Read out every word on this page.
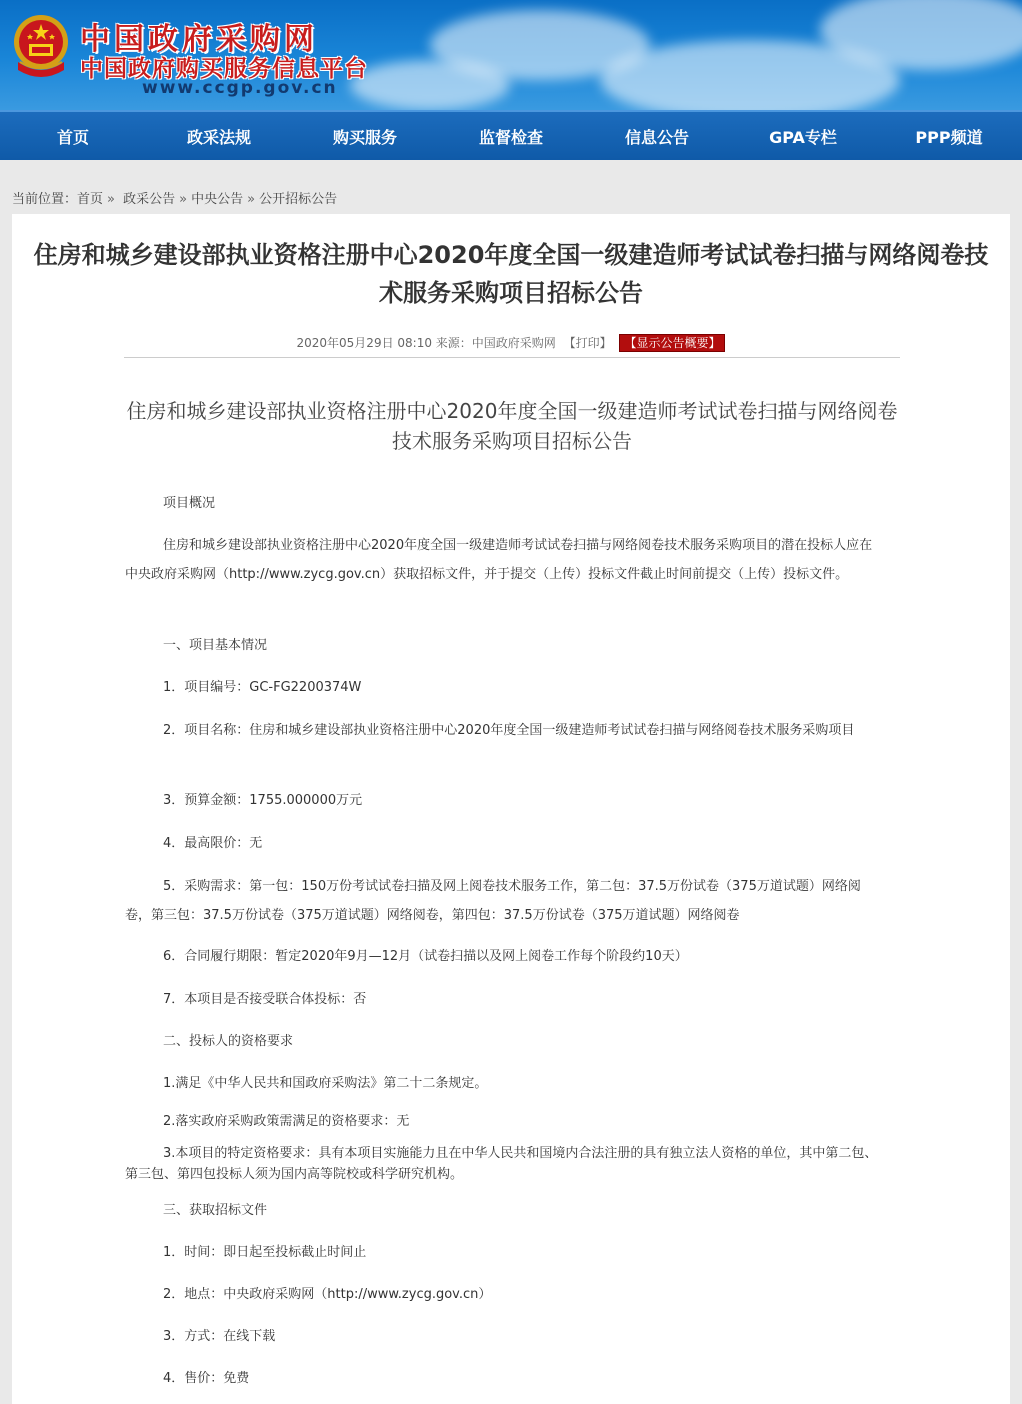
中国政府采购网
中国政府购买服务信息平台
www.ccgp.gov.cn
首页	政采法规	购买服务	监督检查	信息公告	GPA专栏	PPP频道
当前位置：首页 » 政采公告 » 中央公告 » 公开招标公告
住房和城乡建设部执业资格注册中心2020年度全国一级建造师考试试卷扫描与网络阅卷技术服务采购项目招标公告
2020年05月29日 08:10 来源：中国政府采购网 【打印】 【显示公告概要】
住房和城乡建设部执业资格注册中心2020年度全国一级建造师考试试卷扫描与网络阅卷技术服务采购项目招标公告
项目概况
住房和城乡建设部执业资格注册中心2020年度全国一级建造师考试试卷扫描与网络阅卷技术服务采购项目的潜在投标人应在中央政府采购网（http://www.zycg.gov.cn）获取招标文件，并于提交（上传）投标文件截止时间前提交（上传）投标文件。
一、项目基本情况
1．项目编号：GC-FG2200374W
2．项目名称：住房和城乡建设部执业资格注册中心2020年度全国一级建造师考试试卷扫描与网络阅卷技术服务采购项目
3．预算金额：1755.000000万元
4．最高限价：无
5．采购需求：第一包：150万份考试试卷扫描及网上阅卷技术服务工作，第二包：37.5万份试卷（375万道试题）网络阅卷，第三包：37.5万份试卷（375万道试题）网络阅卷，第四包：37.5万份试卷（375万道试题）网络阅卷
6．合同履行期限：暂定2020年9月—12月（试卷扫描以及网上阅卷工作每个阶段约10天）
7．本项目是否接受联合体投标：否
二、投标人的资格要求
1.满足《中华人民共和国政府采购法》第二十二条规定。
2.落实政府采购政策需满足的资格要求：无
3.本项目的特定资格要求：具有本项目实施能力且在中华人民共和国境内合法注册的具有独立法人资格的单位，其中第二包、第三包、第四包投标人须为国内高等院校或科学研究机构。
三、获取招标文件
1．时间：即日起至投标截止时间止
2．地点：中央政府采购网（http://www.zycg.gov.cn）
3．方式：在线下载
4．售价：免费
